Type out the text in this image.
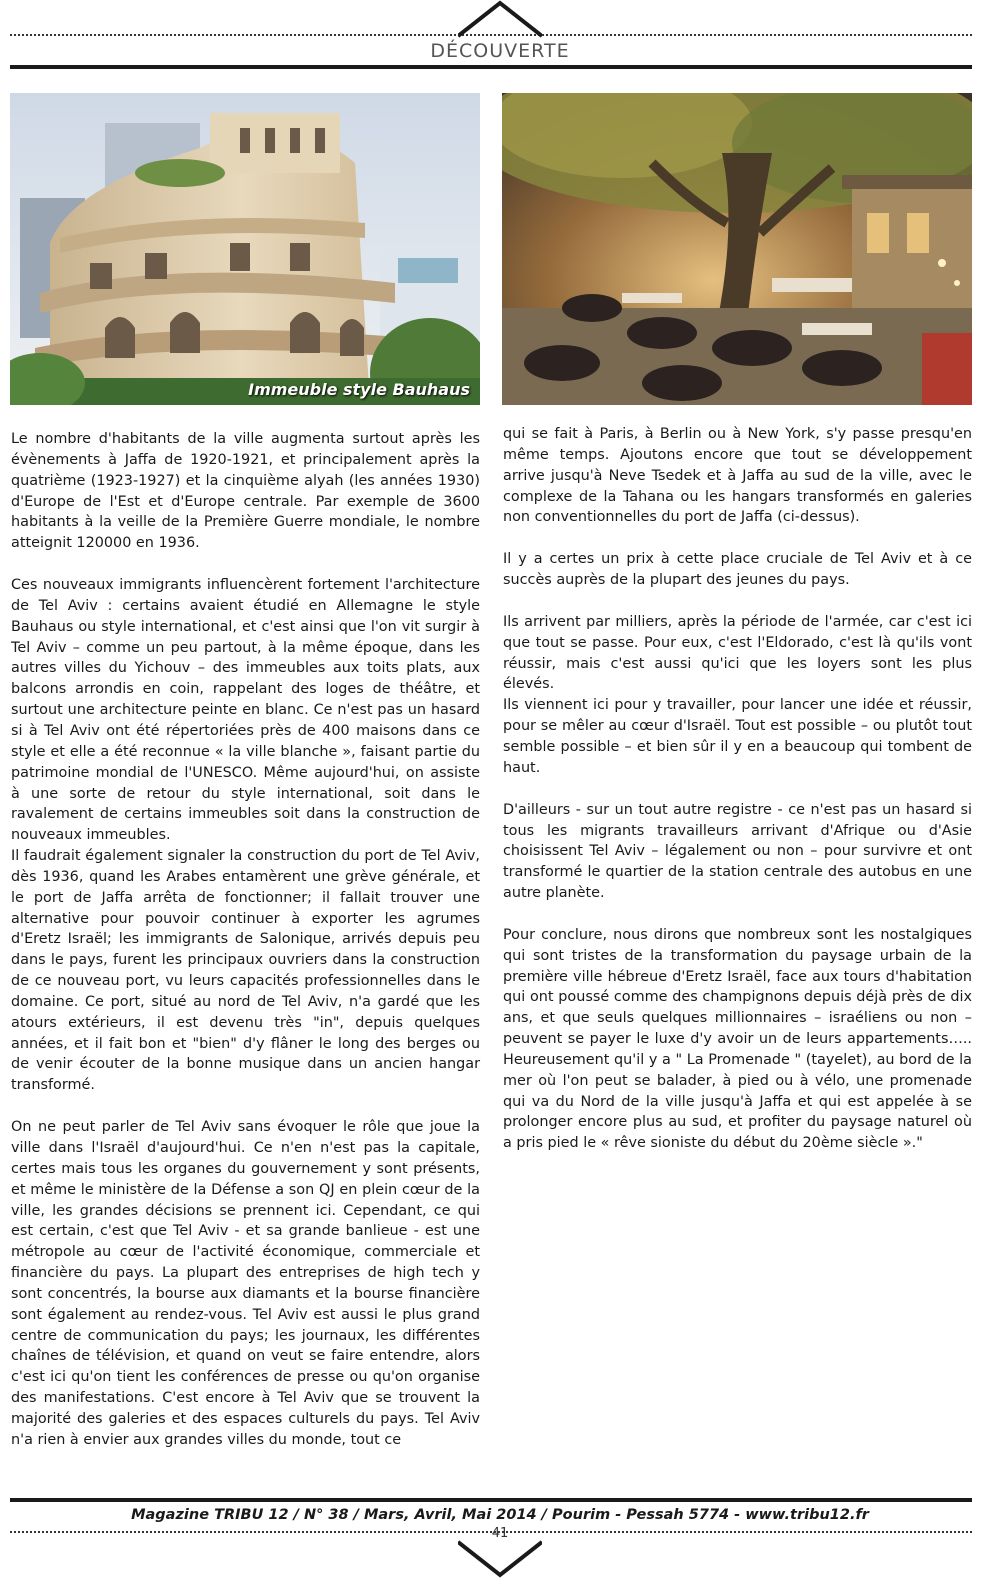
DÉCOUVERTE
Immeuble style Bauhaus

Le nombre d'habitants de la ville augmenta surtout après les évènements à Jaffa de 1920-1921, et principalement après la quatrième (1923-1927) et la cinquième alyah (les années 1930) d'Europe de l'Est et d'Europe centrale. Par exemple de 3600 habitants à la veille de la Première Guerre mondiale, le nombre atteignit 120000 en 1936.

Ces nouveaux immigrants influencèrent fortement l'architecture de Tel Aviv : certains avaient étudié en Allemagne le style Bauhaus ou style international, et c'est ainsi que l'on vit surgir à Tel Aviv – comme un peu partout, à la même époque, dans les autres villes du Yichouv – des immeubles aux toits plats, aux balcons arrondis en coin, rappelant des loges de théâtre, et surtout une architecture peinte en blanc. Ce n'est pas un hasard si à Tel Aviv ont été répertoriées près de 400 maisons dans ce style et elle a été reconnue « la ville blanche », faisant partie du patrimoine mondial de l'UNESCO. Même aujourd'hui, on assiste à une sorte de retour du style international, soit dans le ravalement de certains immeubles soit dans la construction de nouveaux immeubles.

Il faudrait également signaler la construction du port de Tel Aviv, dès 1936, quand les Arabes entamèrent une grève générale, et le port de Jaffa arrêta de fonctionner; il fallait trouver une alternative pour pouvoir continuer à exporter les agrumes d'Eretz Israël; les immigrants de Salonique, arrivés depuis peu dans le pays, furent les principaux ouvriers dans la construction de ce nouveau port, vu leurs capacités professionnelles dans le domaine. Ce port, situé au nord de Tel Aviv, n'a gardé que les atours extérieurs, il est devenu très "in", depuis quelques années, et il fait bon et "bien" d'y flâner le long des berges ou de venir écouter de la bonne musique dans un ancien hangar transformé.

On ne peut parler de Tel Aviv sans évoquer le rôle que joue la ville dans l'Israël d'aujourd'hui. Ce n'en n'est pas la capitale, certes mais tous les organes du gouvernement y sont présents, et même le ministère de la Défense a son QJ en plein cœur de la ville, les grandes décisions se prennent ici. Cependant, ce qui est certain, c'est que Tel Aviv - et sa grande banlieue - est une métropole au cœur de l'activité économique, commerciale et financière du pays. La plupart des entreprises de high tech y sont concentrés, la bourse aux diamants et la bourse financière sont également au rendez-vous. Tel Aviv est aussi le plus grand centre de communication du pays; les journaux, les différentes chaînes de télévision, et quand on veut se faire entendre, alors c'est ici qu'on tient les conférences de presse ou qu'on organise des manifestations. C'est encore à Tel Aviv que se trouvent la majorité des galeries et des espaces culturels du pays. Tel Aviv n'a rien à envier aux grandes villes du monde, tout ce

qui se fait à Paris, à Berlin ou à New York, s'y passe presqu'en même temps. Ajoutons encore que tout se développement arrive jusqu'à Neve Tsedek et à Jaffa au sud de la ville, avec le complexe de la Tahana ou les hangars transformés en galeries non conventionnelles du port de Jaffa (ci-dessus).

Il y a certes un prix à cette place cruciale de Tel Aviv et à ce succès auprès de la plupart des jeunes du pays.

Ils arrivent par milliers, après la période de l'armée, car c'est ici que tout se passe. Pour eux, c'est l'Eldorado, c'est là qu'ils vont réussir, mais c'est aussi qu'ici que les loyers sont les plus élevés.

Ils viennent ici pour y travailler, pour lancer une idée et réussir, pour se mêler au cœur d'Israël. Tout est possible – ou plutôt tout semble possible – et bien sûr il y en a beaucoup qui tombent de haut.

D'ailleurs - sur un tout autre registre - ce n'est pas un hasard si tous les migrants travailleurs arrivant d'Afrique ou d'Asie choisissent Tel Aviv – légalement ou non – pour survivre et ont transformé le quartier de la station centrale des autobus en une autre planète.

Pour conclure, nous dirons que nombreux sont les nostalgiques qui sont tristes de la transformation du paysage urbain de la première ville hébreue d'Eretz Israël, face aux tours d'habitation qui ont poussé comme des champignons depuis déjà près de dix ans, et que seuls quelques millionnaires – israéliens ou non – peuvent se payer le luxe d'y avoir un de leurs appartements….. Heureusement qu'il y a " La Promenade " (tayelet), au bord de la mer où l'on peut se balader, à pied ou à vélo, une promenade qui va du Nord de la ville jusqu'à Jaffa et qui est appelée à se prolonger encore plus au sud, et profiter du paysage naturel où a pris pied le « rêve sioniste du début du 20ème siècle »."

Magazine TRIBU 12 / N° 38 / Mars, Avril, Mai 2014 / Pourim - Pessah 5774 - www.tribu12.fr
41
